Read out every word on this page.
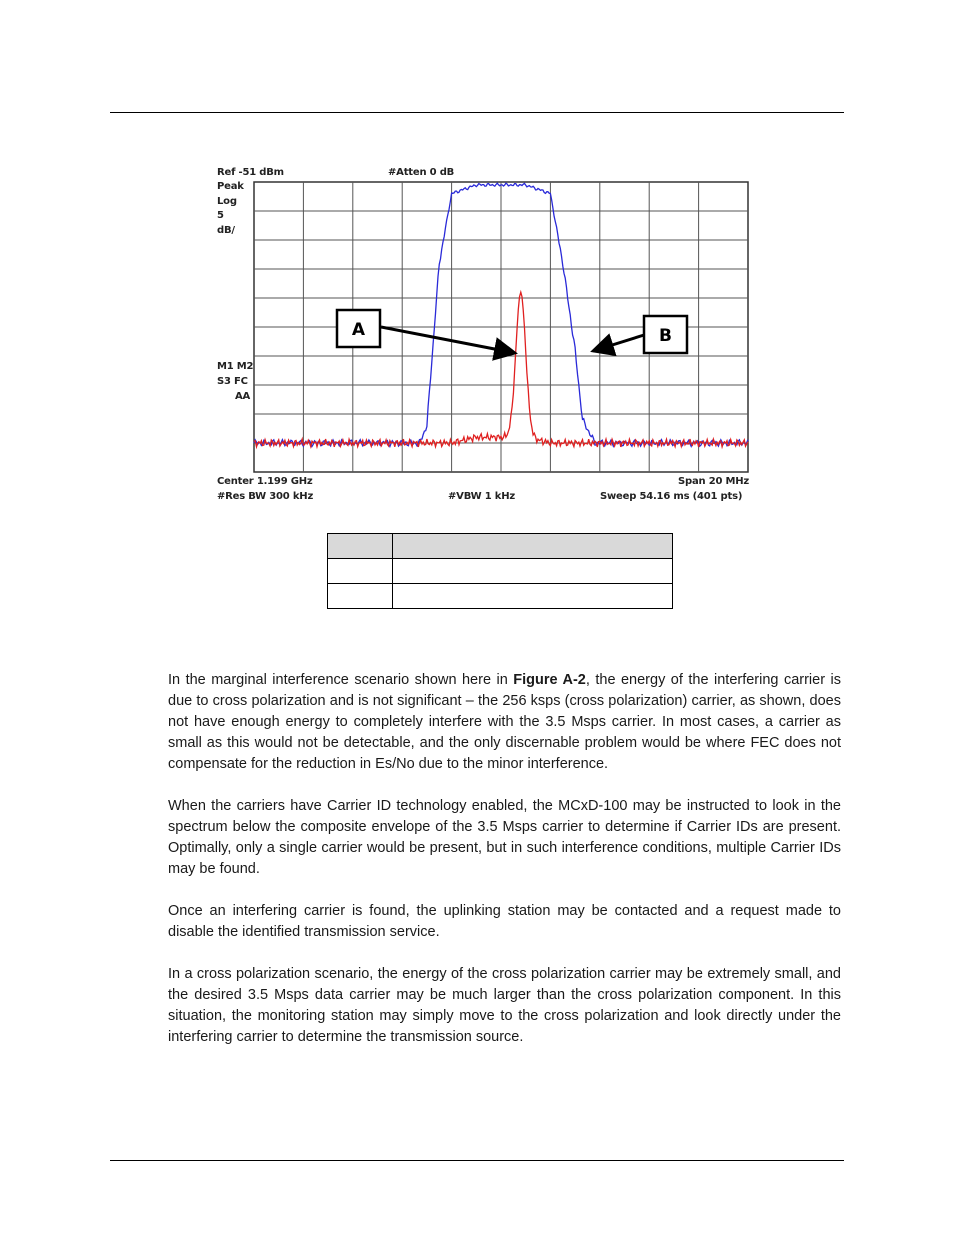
Ref -51 dBm	#Atten 0 dB
Peak
Log
5
dB/
M1 M2
S3 FC
AA
Center 1.199 GHz	Span 20 MHz
#Res BW 300 kHz	#VBW 1 kHz	Sweep 54.16 ms (401 pts)
A	B

In the marginal interference scenario shown here in Figure A-2, the energy of the interfering carrier is due to cross polarization and is not significant – the 256 ksps (cross polarization) carrier, as shown, does not have enough energy to completely interfere with the 3.5 Msps carrier. In most cases, a carrier as small as this would not be detectable, and the only discernable problem would be where FEC does not compensate for the reduction in Es/No due to the minor interference.

When the carriers have Carrier ID technology enabled, the MCxD-100 may be instructed to look in the spectrum below the composite envelope of the 3.5 Msps carrier to determine if Carrier IDs are present. Optimally, only a single carrier would be present, but in such interference conditions, multiple Carrier IDs may be found.

Once an interfering carrier is found, the uplinking station may be contacted and a request made to disable the identified transmission service.

In a cross polarization scenario, the energy of the cross polarization carrier may be extremely small, and the desired 3.5 Msps data carrier may be much larger than the cross polarization component. In this situation, the monitoring station may simply move to the cross polarization and look directly under the interfering carrier to determine the transmission source.
